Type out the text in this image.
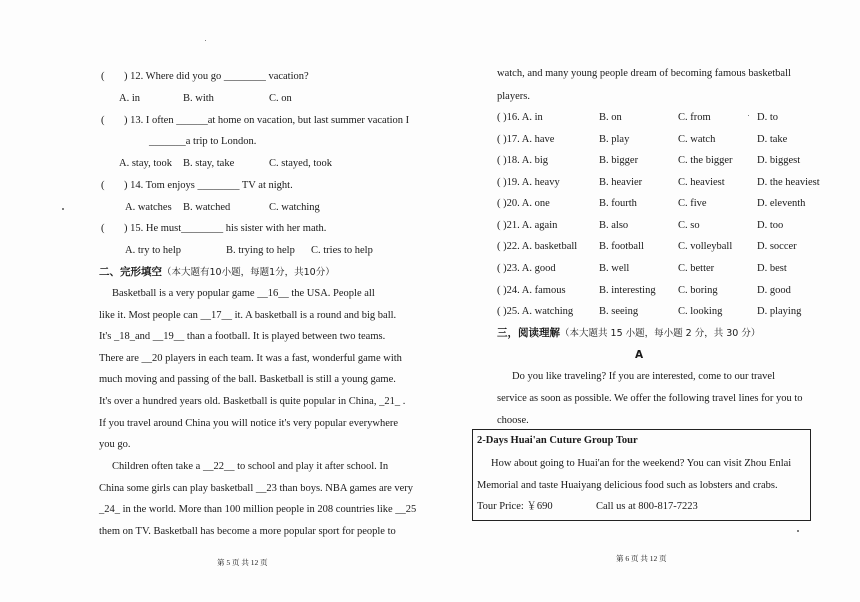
( ) 12. Where did you go ________ vacation?
A. in	B. with	C. on
( ) 13. I often ______at home on vacation, but last summer vacation I
_______a trip to London.
A. stay, took B. stay, take	C. stayed, took
( ) 14. Tom enjoys ________ TV at night.
A. watches B. watched	C. watching
( ) 15. He must________ his sister with her math.
A. try to help	B. trying to help C. tries to help
二、完形填空（本大题有10小题，每题1分，共10分）
Basketball is a very popular game __16__ the USA. People all
like it. Most people can __17__ it. A basketball is a round and big ball.
It's _18_and __19__ than a football. It is played between two teams.
There are __20 players in each team. It was a fast, wonderful game with
much moving and passing of the ball. Basketball is still a young game.
It's over a hundred years old. Basketball is quite popular in China, _21_ .
If you travel around China you will notice it's very popular everywhere
you go.
Children often take a __22__ to school and play it after school. In
China some girls can play basketball __23 than boys. NBA games are very
_24_ in the world. More than 100 million people in 208 countries like __25
them on TV. Basketball has become a more popular sport for people to
第 5 页 共 12 页
watch, and many young people dream of becoming famous basketball
players.
( )16. A. in	B. on	C. from	D. to
( )17. A. have	B. play	C. watch	D. take
( )18. A. big	B. bigger	C. the bigger D. biggest
( )19. A. heavy	B. heavier	C. heaviest	D. the heaviest
( )20. A. one	B. fourth	C. five	D. eleventh
( )21. A. again	B. also	C. so	D. too
( )22. A. basketball B. football	C. volleyball D. soccer
( )23. A. good	B. well	C. better	D. best
( )24. A. famous	B. interesting C. boring	D. good
( )25. A. watching B. seeing	C. looking	D. playing
三，阅读理解（本大题共 15 小题，每小题 2 分，共 30 分）
A
Do you like traveling? If you are interested, come to our travel
service as soon as possible. We offer the following travel lines for you to
choose.
2-Days Huai'an Cuture Group Tour
How about going to Huai'an for the weekend? You can visit Zhou Enlai
Memorial and taste Huaiyang delicious food such as lobsters and crabs.
Tour Price: ￥690	Call us at 800-817-7223
第 6 页 共 12 页
